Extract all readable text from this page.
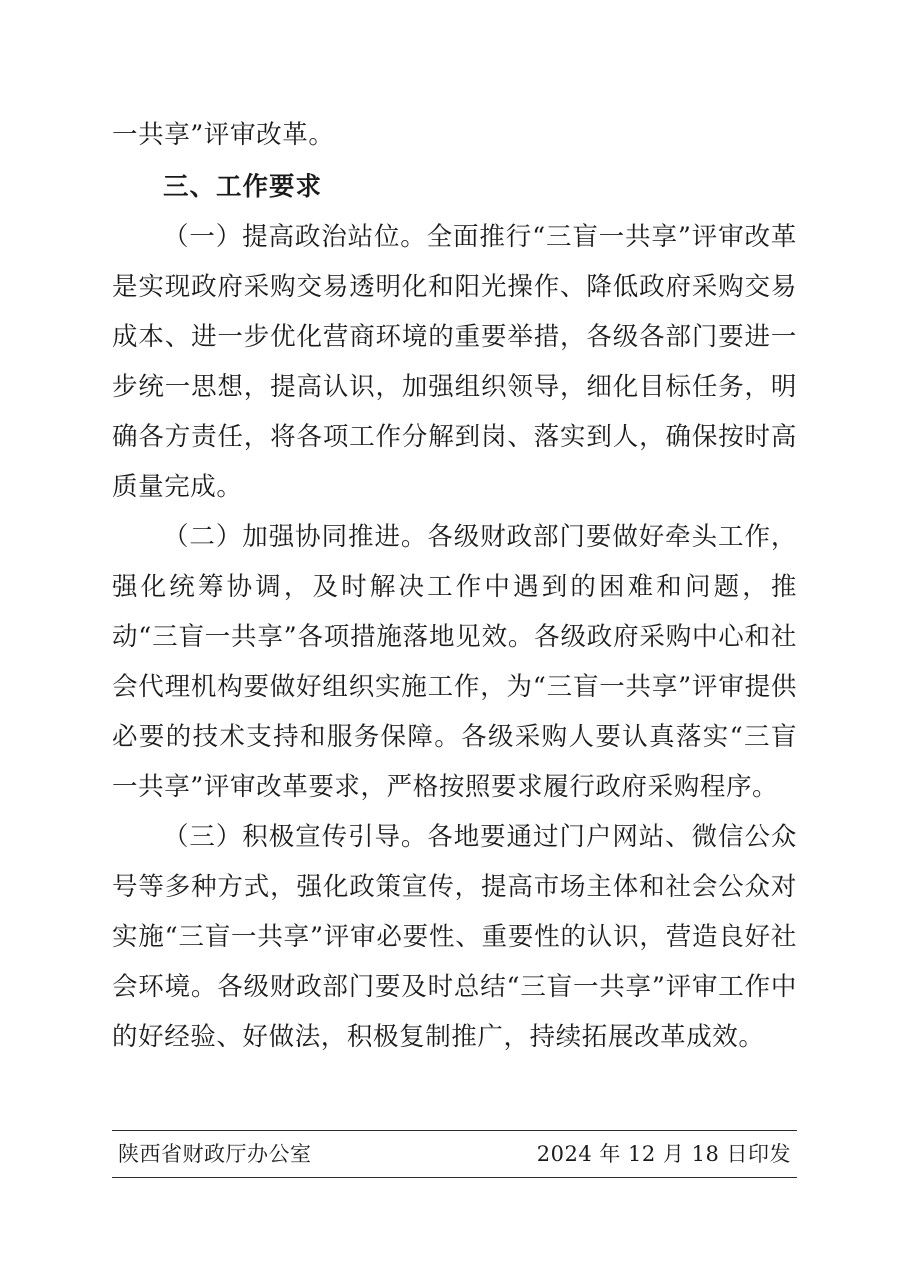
一共享”评审改革。

三、工作要求

（一）提高政治站位。全面推行“三盲一共享”评审改革是实现政府采购交易透明化和阳光操作、降低政府采购交易成本、进一步优化营商环境的重要举措，各级各部门要进一步统一思想，提高认识，加强组织领导，细化目标任务，明确各方责任，将各项工作分解到岗、落实到人，确保按时高质量完成。

（二）加强协同推进。各级财政部门要做好牵头工作，强化统筹协调，及时解决工作中遇到的困难和问题，推动“三盲一共享”各项措施落地见效。各级政府采购中心和社会代理机构要做好组织实施工作，为“三盲一共享”评审提供必要的技术支持和服务保障。各级采购人要认真落实“三盲一共享”评审改革要求，严格按照要求履行政府采购程序。

（三）积极宣传引导。各地要通过门户网站、微信公众号等多种方式，强化政策宣传，提高市场主体和社会公众对实施“三盲一共享”评审必要性、重要性的认识，营造良好社会环境。各级财政部门要及时总结“三盲一共享”评审工作中的好经验、好做法，积极复制推广，持续拓展改革成效。

陕西省财政厅办公室	2024 年 12 月 18 日印发
